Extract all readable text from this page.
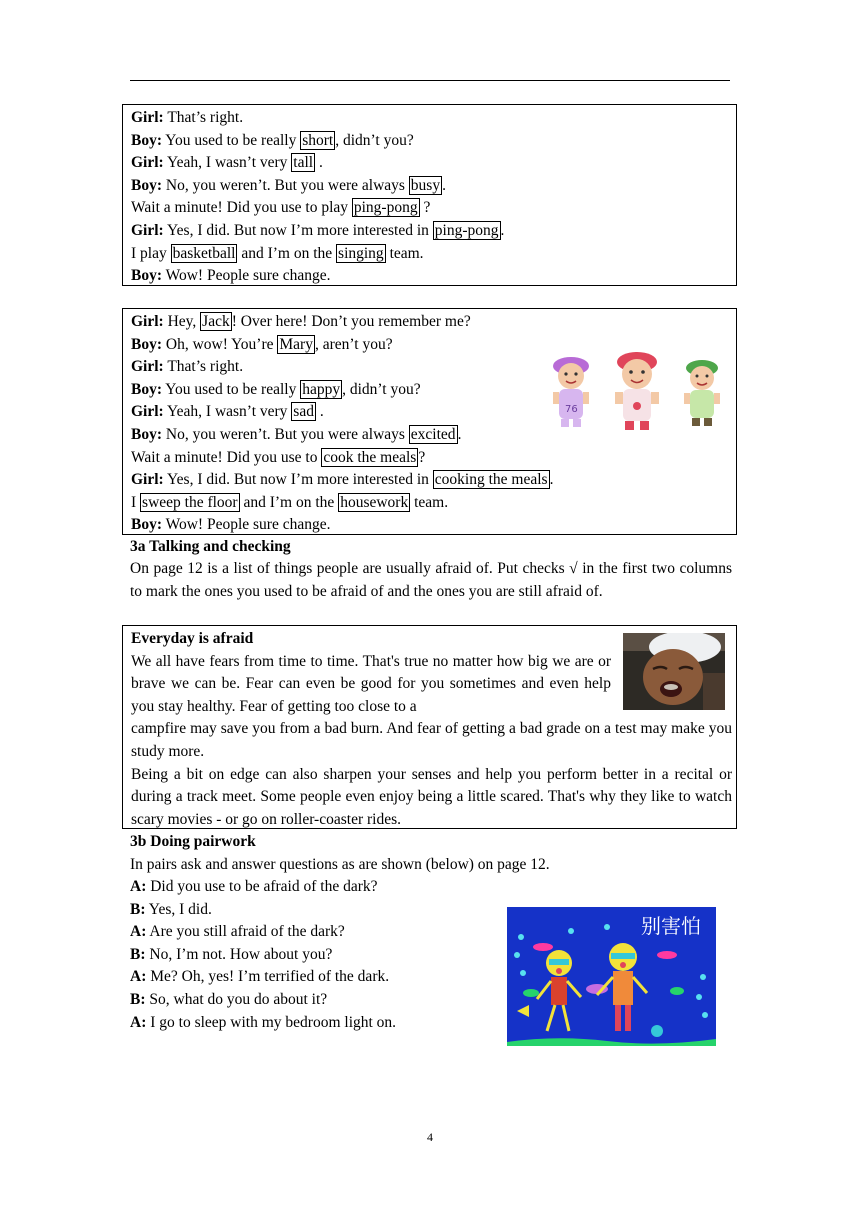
Girl: That’s right.
Boy: You used to be really short , didn’t you?
Girl: Yeah, I wasn’t very tall .
Boy: No, you weren’t. But you were always busy .
Wait a minute! Did you use to play ping-pong ?
Girl: Yes, I did. But now I’m more interested in ping-pong .
I play basketball and I’m on the singing team.
Boy: Wow! People sure change.
Girl: Hey, Jack ! Over here! Don’t you remember me?
Boy: Oh, wow! You’re Mary , aren’t you?
Girl: That’s right.
Boy: You used to be really happy , didn’t you?
Girl: Yeah, I wasn’t very sad .
Boy: No, you weren’t. But you were always excited .
Wait a minute! Did you use to cook the meals ?
Girl: Yes, I did. But now I’m more interested in cooking the meals .
I sweep the floor and I’m on the housework team.
Boy: Wow! People sure change.
76
3a Talking and checking
On page 12 is a list of things people are usually afraid of. Put checks √ in the first two columns to mark the ones you used to be afraid of and the ones you are still afraid of.
Everyday is afraid
We all have fears from time to time. That's true no matter how big we are or brave we can be. Fear can even be good for you sometimes and even help you stay healthy. Fear of getting too close to a
campfire may save you from a bad burn. And fear of getting a bad grade on a test may make you study more.
Being a bit on edge can also sharpen your senses and help you perform better in a recital or during a track meet. Some people even enjoy being a little scared. That's why they like to watch scary movies - or go on roller-coaster rides.
3b Doing pairwork
In pairs ask and answer questions as are shown (below) on page 12.
A: Did you use to be afraid of the dark?
B: Yes, I did.
A: Are you still afraid of the dark?
B: No, I’m not. How about you?
A: Me? Oh, yes! I’m terrified of the dark.
B: So, what do you do about it?
A: I go to sleep with my bedroom light on.
别害怕
4
